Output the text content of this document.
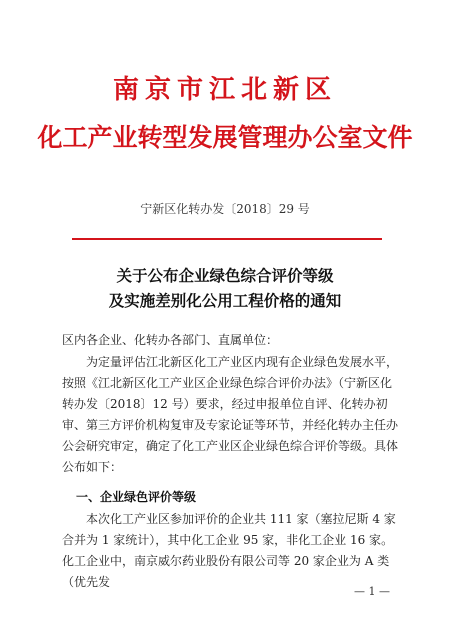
南京市江北新区
化工产业转型发展管理办公室文件
宁新区化转办发〔2018〕29 号
关于公布企业绿色综合评价等级
及实施差别化公用工程价格的通知
区内各企业、化转办各部门、直属单位：
为定量评估江北新区化工产业区内现有企业绿色发展水平，按照《江北新区化工产业区企业绿色综合评价办法》（宁新区化转办发〔2018〕12 号）要求，经过申报单位自评、化转办初审、第三方评价机构复审及专家论证等环节，并经化转办主任办公会研究审定，确定了化工产业区企业绿色综合评价等级。具体公布如下：
一、企业绿色评价等级
本次化工产业区参加评价的企业共 111 家（塞拉尼斯 4 家合并为 1 家统计），其中化工企业 95 家，非化工企业 16 家。化工企业中，南京威尔药业股份有限公司等 20 家企业为 A 类（优先发
— 1 —
